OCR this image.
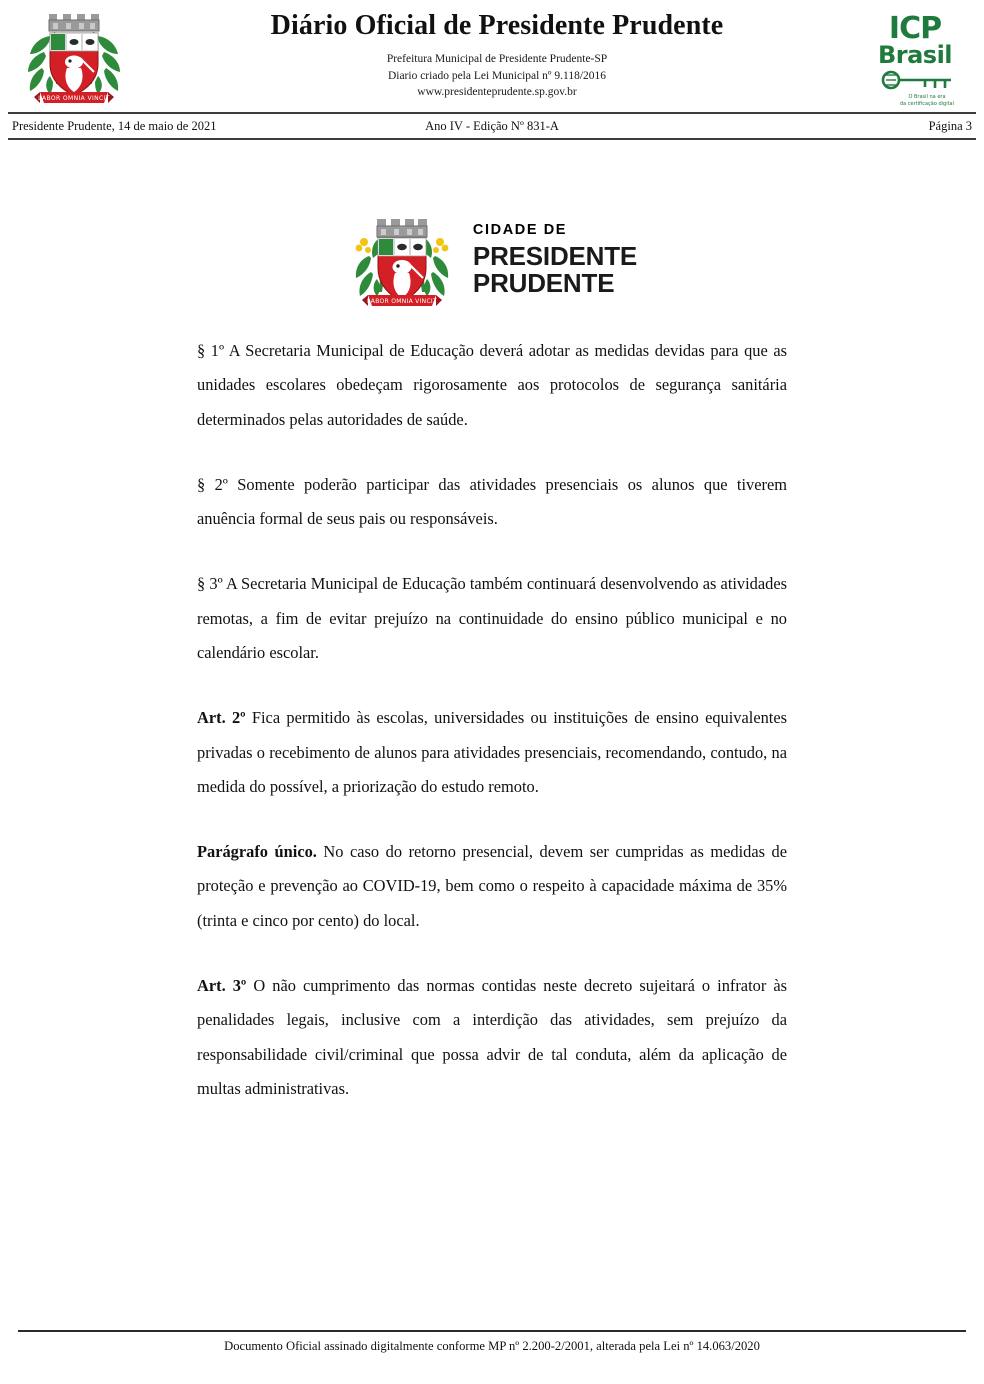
LABOR OMNIA VINCIT
Diário Oficial de Presidente Prudente
Prefeitura Municipal de Presidente Prudente-SP
Diario criado pela Lei Municipal nº 9.118/2016
www.presidenteprudente.sp.gov.br
ICP
Brasil
O Brasil na era
da certificação digital
Presidente Prudente, 14 de maio de 2021	Ano IV - Edição Nº 831-A	Página 3
LABOR OMNIA VINCIT
CIDADE DE
PRESIDENTE
PRUDENTE

§ 1º A Secretaria Municipal de Educação deverá adotar as medidas devidas para que as unidades escolares obedeçam rigorosamente aos protocolos de segurança sanitária determinados pelas autoridades de saúde.

§ 2º Somente poderão participar das atividades presenciais os alunos que tiverem anuência formal de seus pais ou responsáveis.

§ 3º A Secretaria Municipal de Educação também continuará desenvolvendo as atividades remotas, a fim de evitar prejuízo na continuidade do ensino público municipal e no calendário escolar.

Art. 2º Fica permitido às escolas, universidades ou instituições de ensino equivalentes privadas o recebimento de alunos para atividades presenciais, recomendando, contudo, na medida do possível, a priorização do estudo remoto.

Parágrafo único. No caso do retorno presencial, devem ser cumpridas as medidas de proteção e prevenção ao COVID-19, bem como o respeito à capacidade máxima de 35% (trinta e cinco por cento) do local.

Art. 3º O não cumprimento das normas contidas neste decreto sujeitará o infrator às penalidades legais, inclusive com a interdição das atividades, sem prejuízo da responsabilidade civil/criminal que possa advir de tal conduta, além da aplicação de multas administrativas.

Documento Oficial assinado digitalmente conforme MP nº 2.200-2/2001, alterada pela Lei nº 14.063/2020
